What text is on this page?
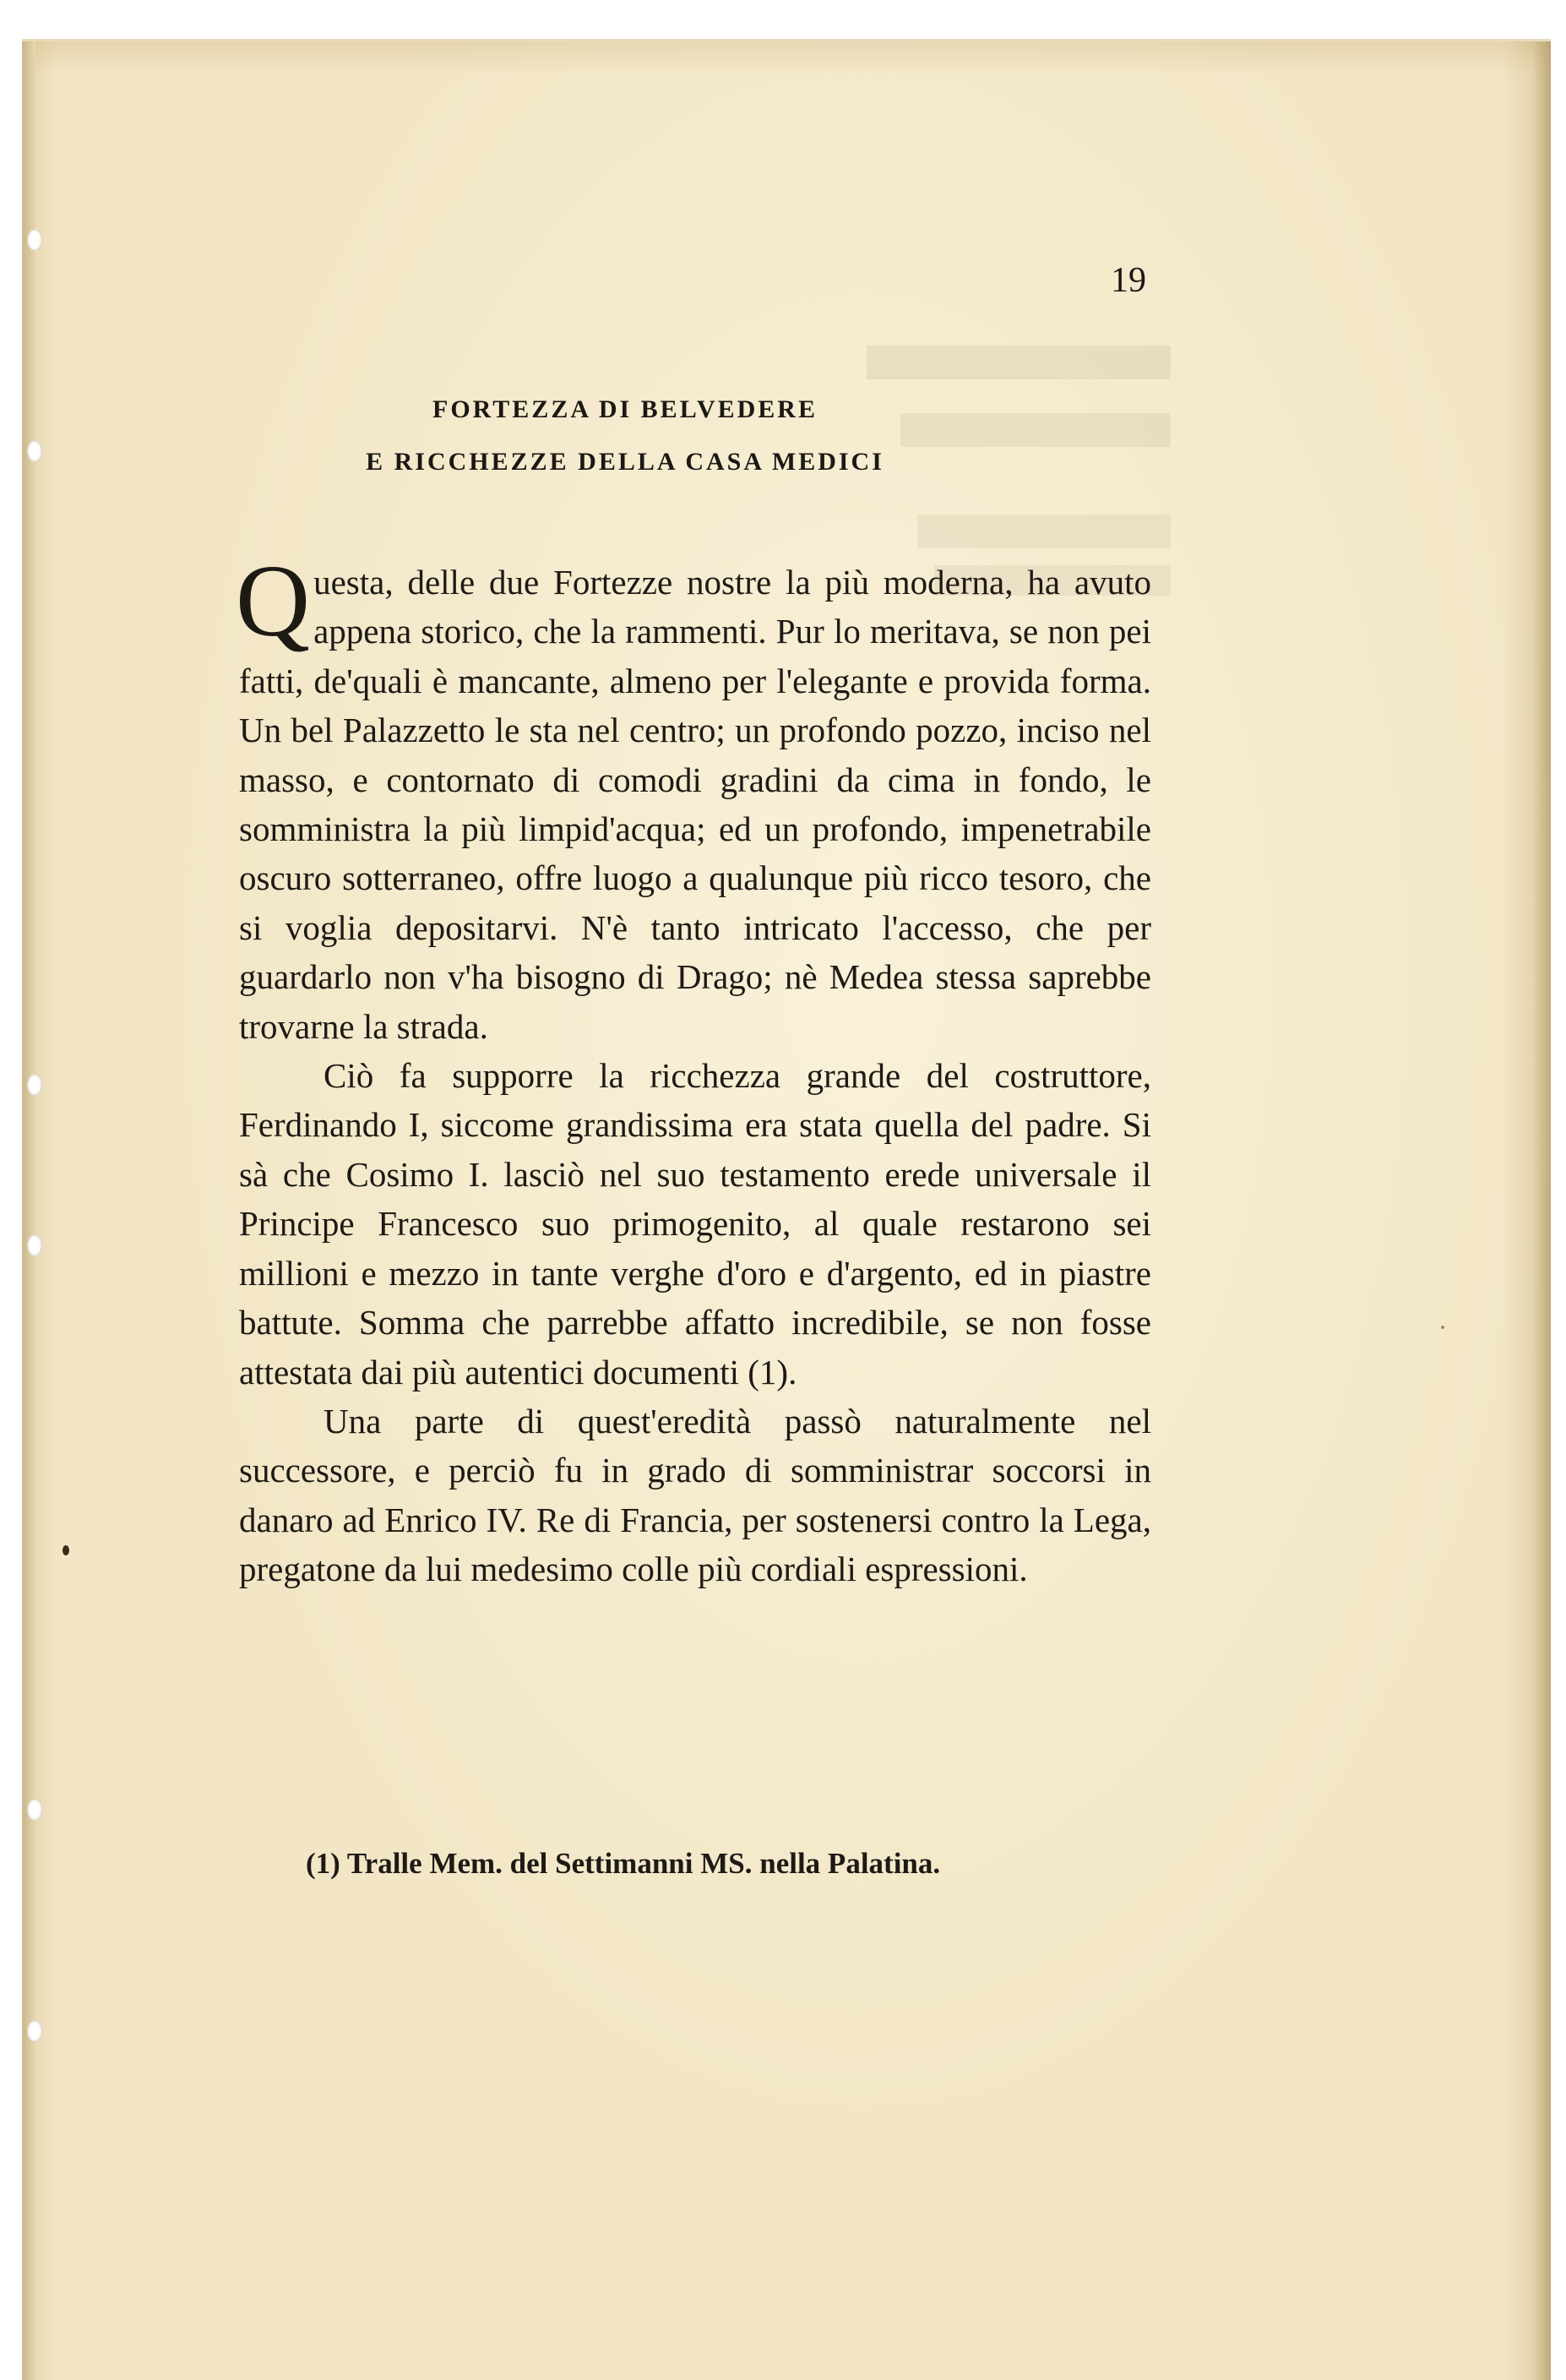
19
FORTEZZA DI BELVEDERE
E RICCHEZZE DELLA CASA MEDICI

Questa, delle due Fortezze nostre la più moderna, ha avuto appena storico, che la rammenti. Pur lo meritava, se non pei fatti, de'quali è mancante, almeno per l'elegante e provida forma. Un bel Palazzetto le sta nel centro; un profondo pozzo, inciso nel masso, e contornato di comodi gradini da cima in fondo, le somministra la più limpid'acqua; ed un profondo, impenetrabile oscuro sotterraneo, offre luogo a qualunque più ricco tesoro, che si voglia depositarvi. N'è tanto intricato l'accesso, che per guardarlo non v'ha bisogno di Drago; nè Medea stessa saprebbe trovarne la strada.

Ciò fa supporre la ricchezza grande del costruttore, Ferdinando I, siccome grandissima era stata quella del padre. Si sà che Cosimo I. lasciò nel suo testamento erede universale il Principe Francesco suo primogenito, al quale restarono sei millioni e mezzo in tante verghe d'oro e d'argento, ed in piastre battute. Somma che parrebbe affatto incredibile, se non fosse attestata dai più autentici documenti (1).

Una parte di quest'eredità passò naturalmente nel successore, e perciò fu in grado di somministrar soccorsi in danaro ad Enrico IV. Re di Francia, per sostenersi contro la Lega, pregatone da lui medesimo colle più cordiali espressioni.

(1) Tralle Mem. del Settimanni MS. nella Palatina.
